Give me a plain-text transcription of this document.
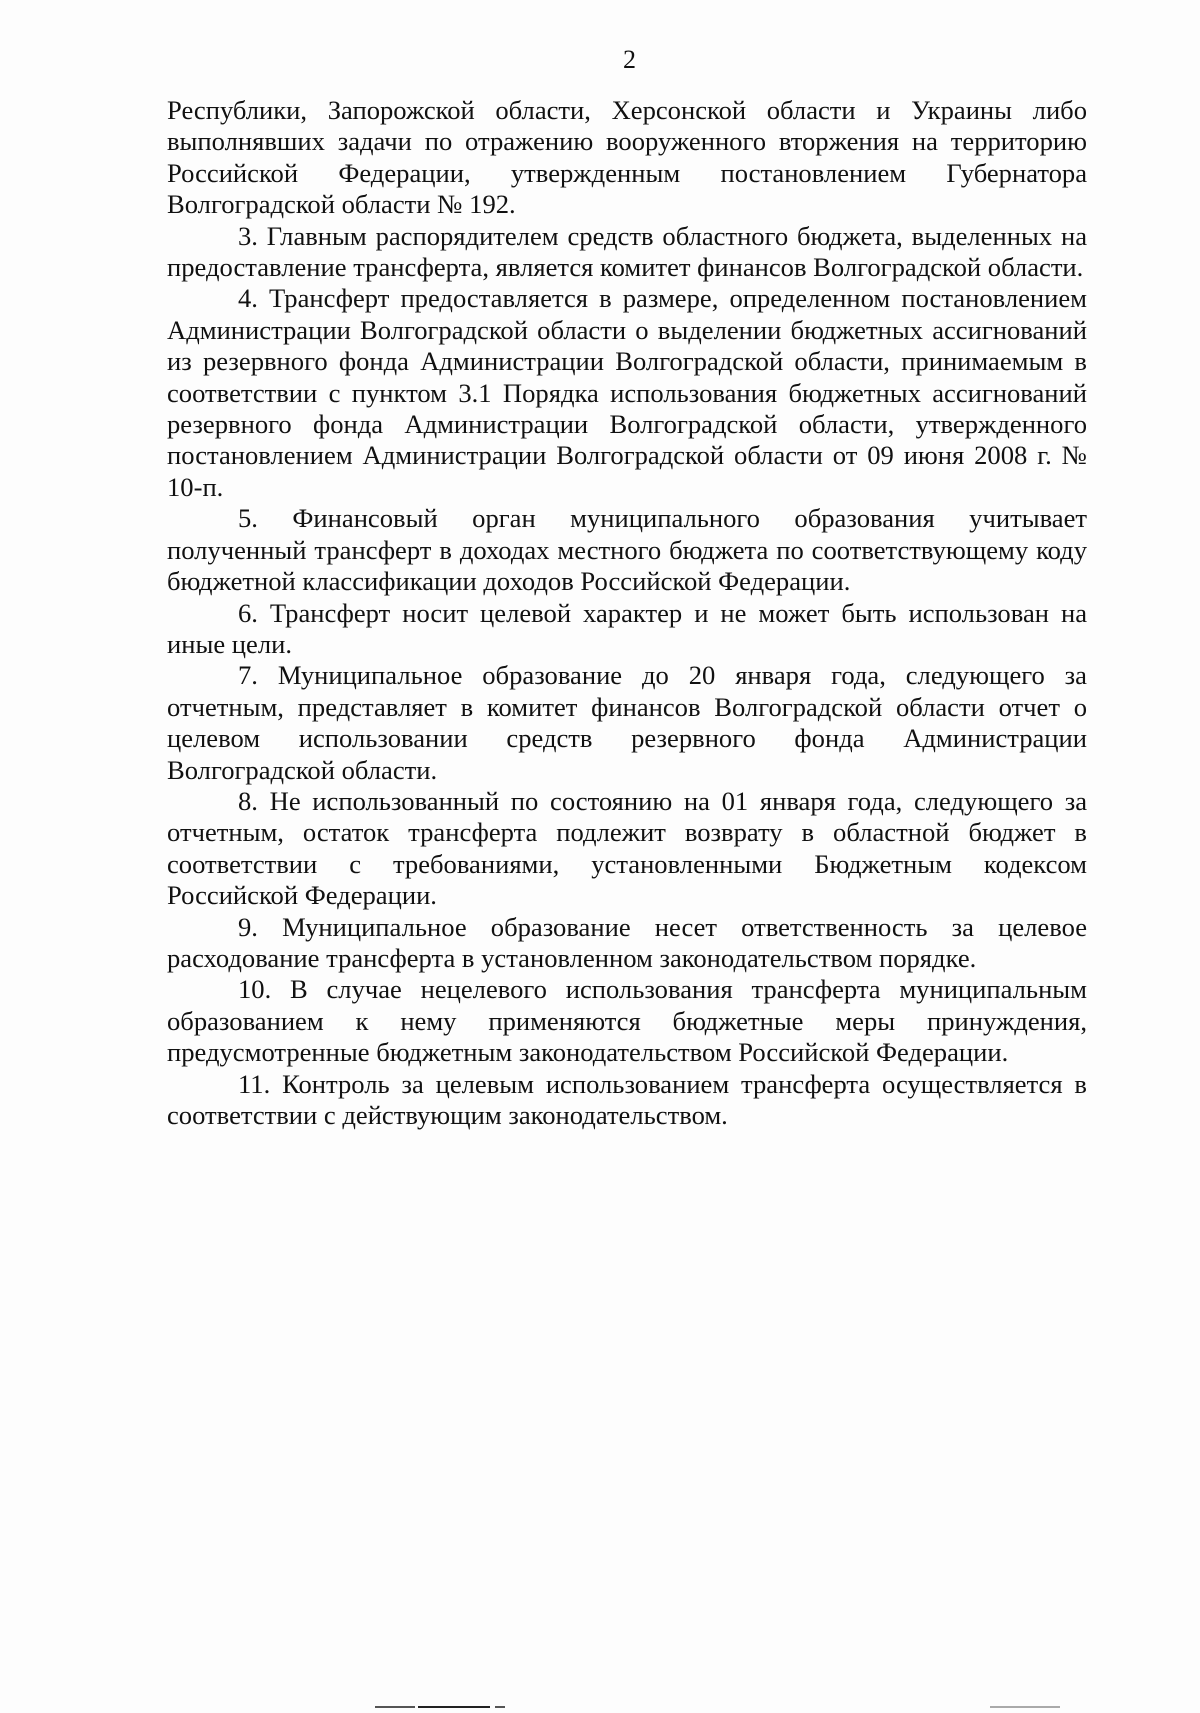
2

Республики, Запорожской области, Херсонской области и Украины либо выполнявших задачи по отражению вооруженного вторжения на территорию Российской Федерации, утвержденным постановлением Губернатора Волгоградской области № 192.

3. Главным распорядителем средств областного бюджета, выделенных на предоставление трансферта, является комитет финансов Волгоградской области.

4. Трансферт предоставляется в размере, определенном постановлением Администрации Волгоградской области о выделении бюджетных ассигнований из резервного фонда Администрации Волгоградской области, принимаемым в соответствии с пунктом 3.1 Порядка использования бюджетных ассигнований резервного фонда Администрации Волгоградской области, утвержденного постановлением Администрации Волгоградской области от 09 июня 2008 г. № 10-п.

5. Финансовый орган муниципального образования учитывает полученный трансферт в доходах местного бюджета по соответствующему коду бюджетной классификации доходов Российской Федерации.

6. Трансферт носит целевой характер и не может быть использован на иные цели.

7. Муниципальное образование до 20 января года, следующего за отчетным, представляет в комитет финансов Волгоградской области отчет о целевом использовании средств резервного фонда Администрации Волгоградской области.

8. Не использованный по состоянию на 01 января года, следующего за отчетным, остаток трансферта подлежит возврату в областной бюджет в соответствии с требованиями, установленными Бюджетным кодексом Российской Федерации.

9. Муниципальное образование несет ответственность за целевое расходование трансферта в установленном законодательством порядке.

10. В случае нецелевого использования трансферта муниципальным образованием к нему применяются бюджетные меры принуждения, предусмотренные бюджетным законодательством Российской Федерации.

11. Контроль за целевым использованием трансферта осуществляется в соответствии с действующим законодательством.
